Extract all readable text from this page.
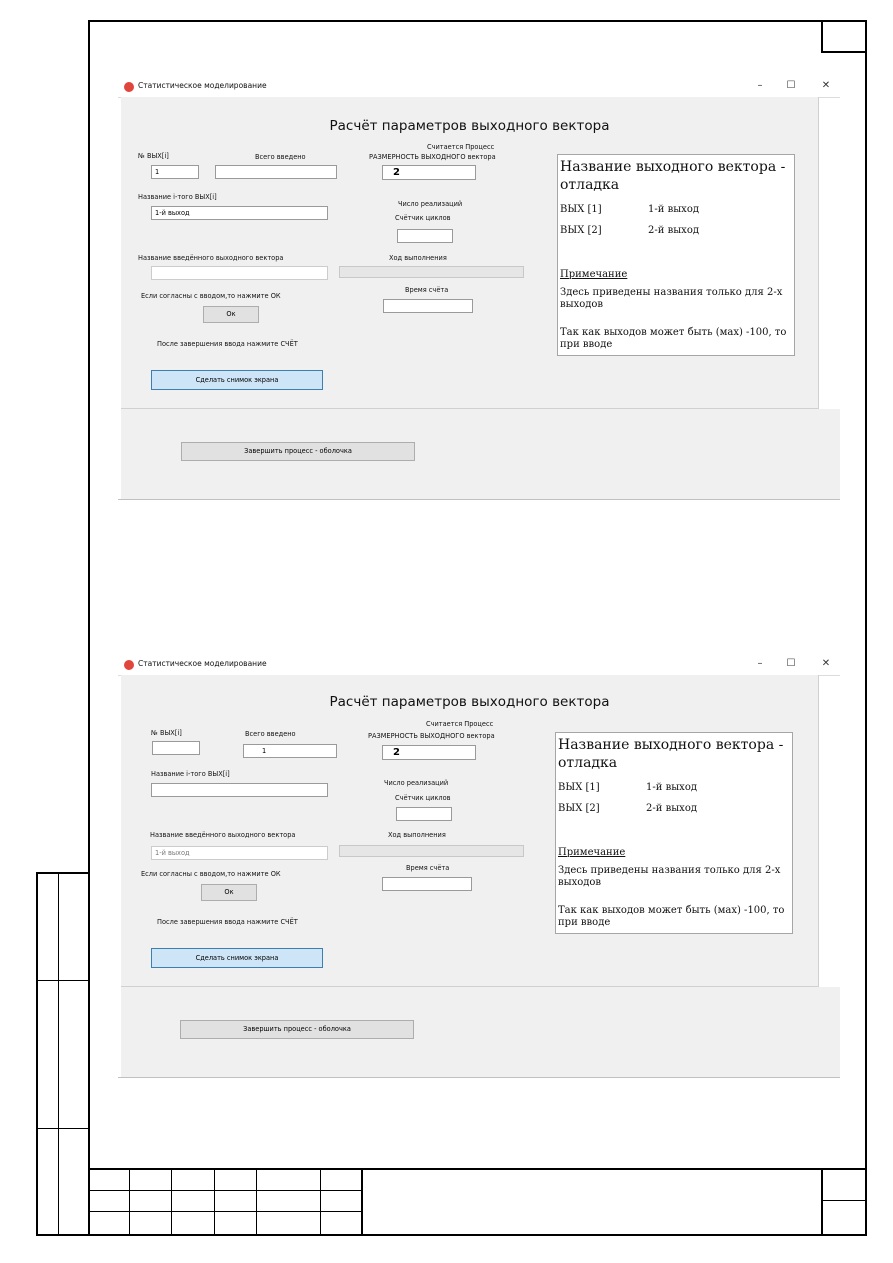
Статистическое моделирование	–	☐	✕
Расчёт параметров выходного вектора
№ ВЫХ[i]
1
Всего введено
Считается Процесс
РАЗМЕРНОСТЬ ВЫХОДНОГО вектора
2
Название i-того ВЫХ[i]
1-й выход
Число реализаций
Счётчик циклов
Название введённого выходного вектора	Ход выполнения
Если согласны с вводом,то нажмите ОК
Время счёта
Ок
После завершения ввода нажмите СЧЁТ
Сделать снимок экрана
Название выходного вектора - отладка
ВЫХ [1]	1-й выход
ВЫХ [2]	2-й выход
Примечание
Здесь приведены названия только для 2-х выходов
Так как выходов может быть (мах) -100, то при вводе
Завершить процесс - оболочка
Статистическое моделирование	–	☐	✕
Расчёт параметров выходного вектора
№ ВЫХ[i]	Всего введено
1
Считается Процесс
РАЗМЕРНОСТЬ ВЫХОДНОГО вектора
2
Название i-того ВЫХ[i]
Число реализаций
Счётчик циклов
Название введённого выходного вектора
1-й выход
Ход выполнения
Если согласны с вводом,то нажмите ОК
Время счёта
Ок
После завершения ввода нажмите СЧЁТ
Сделать снимок экрана
Название выходного вектора - отладка
ВЫХ [1]	1-й выход
ВЫХ [2]	2-й выход
Примечание
Здесь приведены названия только для 2-х выходов
Так как выходов может быть (мах) -100, то при вводе
Завершить процесс - оболочка
